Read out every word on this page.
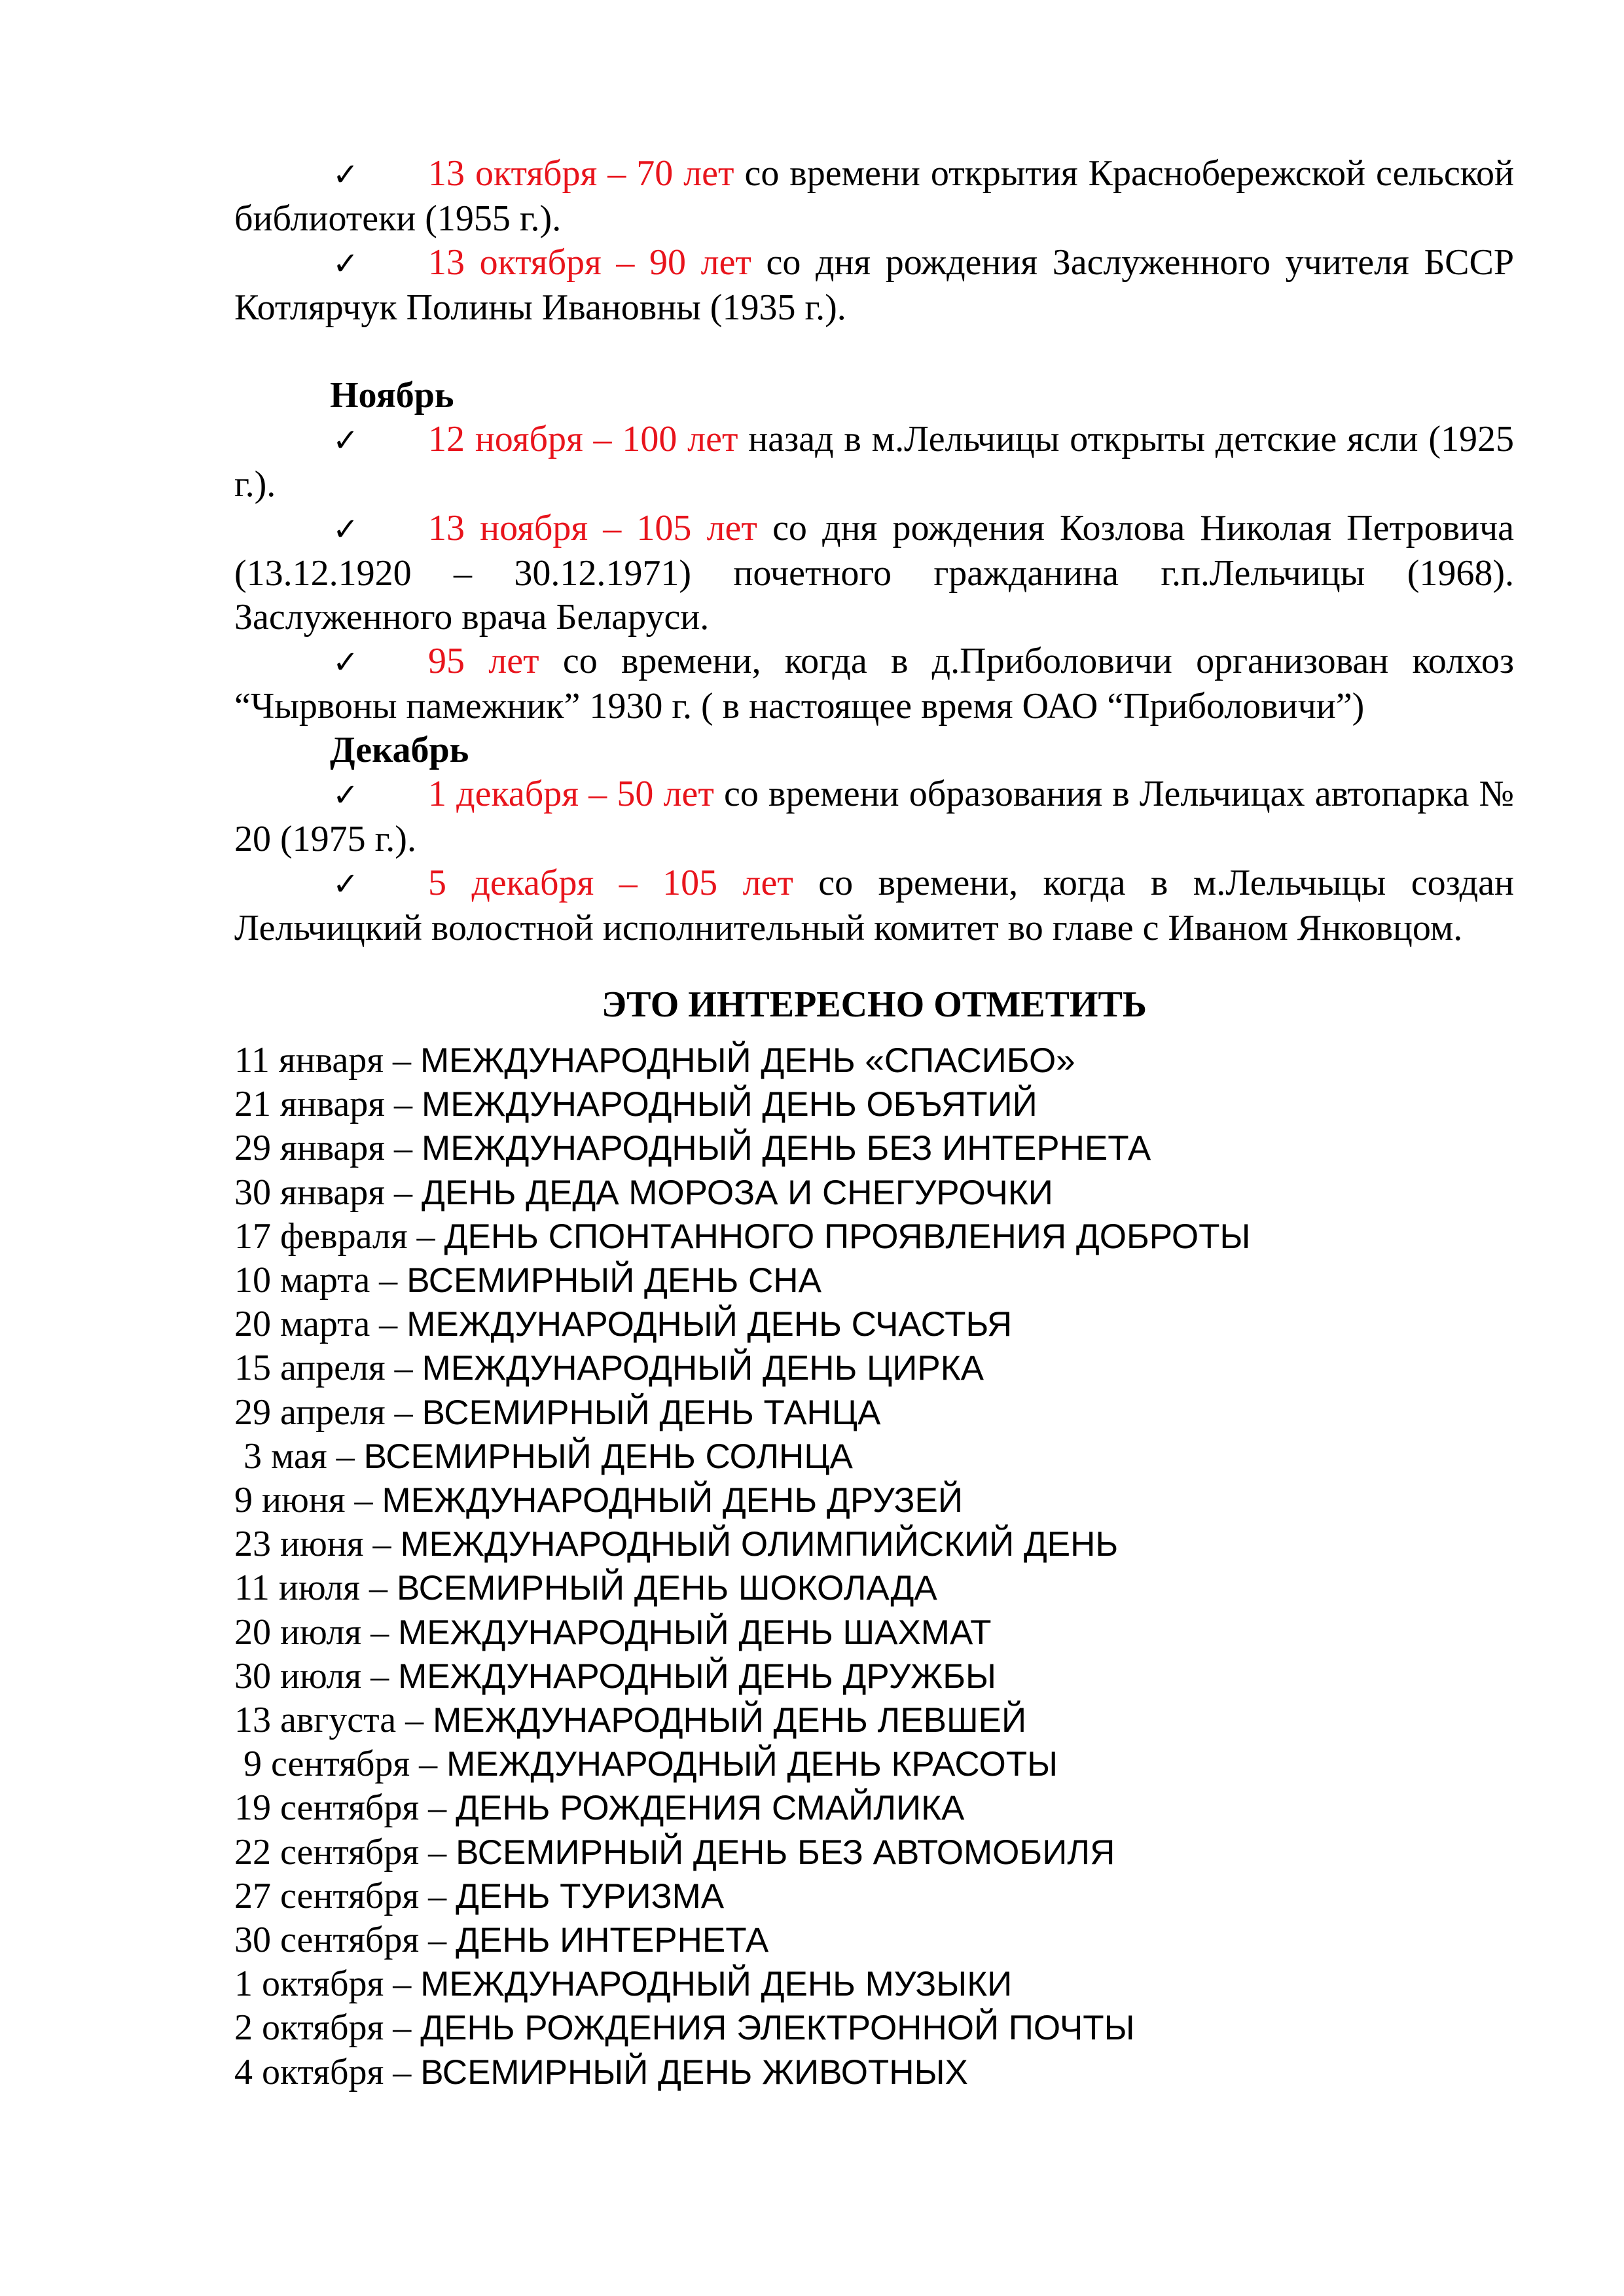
✓ 13 октября – 70 лет со времени открытия Краснобережской сельской библиотеки (1955 г.).

✓ 13 октября – 90 лет со дня рождения Заслуженного учителя БССР Котлярчук Полины Ивановны (1935 г.).

Ноябрь

✓ 12 ноября – 100 лет назад в м.Лельчицы открыты детские ясли (1925 г.).

✓ 13 ноября – 105 лет со дня рождения Козлова Николая Петровича (13.12.1920 – 30.12.1971) почетного гражданина г.п.Лельчицы (1968). Заслуженного врача Беларуси.

✓ 95 лет со времени, когда в д.Приболовичи организован колхоз “Чырвоны памежник” 1930 г. ( в настоящее время ОАО “Приболовичи”)

Декабрь

✓ 1 декабря – 50 лет со времени образования в Лельчицах автопарка № 20 (1975 г.).

✓ 5 декабря – 105 лет со времени, когда в м.Лельчыцы создан Лельчицкий волостной исполнительный комитет во главе с Иваном Янковцом.

ЭТО ИНТЕРЕСНО ОТМЕТИТЬ
11 января – МЕЖДУНАРОДНЫЙ ДЕНЬ «СПАСИБО»
21 января – МЕЖДУНАРОДНЫЙ ДЕНЬ ОБЪЯТИЙ
29 января – МЕЖДУНАРОДНЫЙ ДЕНЬ БЕЗ ИНТЕРНЕТА
30 января – ДЕНЬ ДЕДА МОРОЗА И СНЕГУРОЧКИ
17 февраля – ДЕНЬ СПОНТАННОГО ПРОЯВЛЕНИЯ ДОБРОТЫ
10 марта – ВСЕМИРНЫЙ ДЕНЬ СНА
20 марта – МЕЖДУНАРОДНЫЙ ДЕНЬ СЧАСТЬЯ
15 апреля – МЕЖДУНАРОДНЫЙ ДЕНЬ ЦИРКА
29 апреля – ВСЕМИРНЫЙ ДЕНЬ ТАНЦА
3 мая – ВСЕМИРНЫЙ ДЕНЬ СОЛНЦА
9 июня – МЕЖДУНАРОДНЫЙ ДЕНЬ ДРУЗЕЙ
23 июня – МЕЖДУНАРОДНЫЙ ОЛИМПИЙСКИЙ ДЕНЬ
11 июля – ВСЕМИРНЫЙ ДЕНЬ ШОКОЛАДА
20 июля – МЕЖДУНАРОДНЫЙ ДЕНЬ ШАХМАТ
30 июля – МЕЖДУНАРОДНЫЙ ДЕНЬ ДРУЖБЫ
13 августа – МЕЖДУНАРОДНЫЙ ДЕНЬ ЛЕВШЕЙ
9 сентября – МЕЖДУНАРОДНЫЙ ДЕНЬ КРАСОТЫ
19 сентября – ДЕНЬ РОЖДЕНИЯ СМАЙЛИКА
22 сентября – ВСЕМИРНЫЙ ДЕНЬ БЕЗ АВТОМОБИЛЯ
27 сентября – ДЕНЬ ТУРИЗМА
30 сентября – ДЕНЬ ИНТЕРНЕТА
1 октября – МЕЖДУНАРОДНЫЙ ДЕНЬ МУЗЫКИ
2 октября – ДЕНЬ РОЖДЕНИЯ ЭЛЕКТРОННОЙ ПОЧТЫ
4 октября – ВСЕМИРНЫЙ ДЕНЬ ЖИВОТНЫХ
